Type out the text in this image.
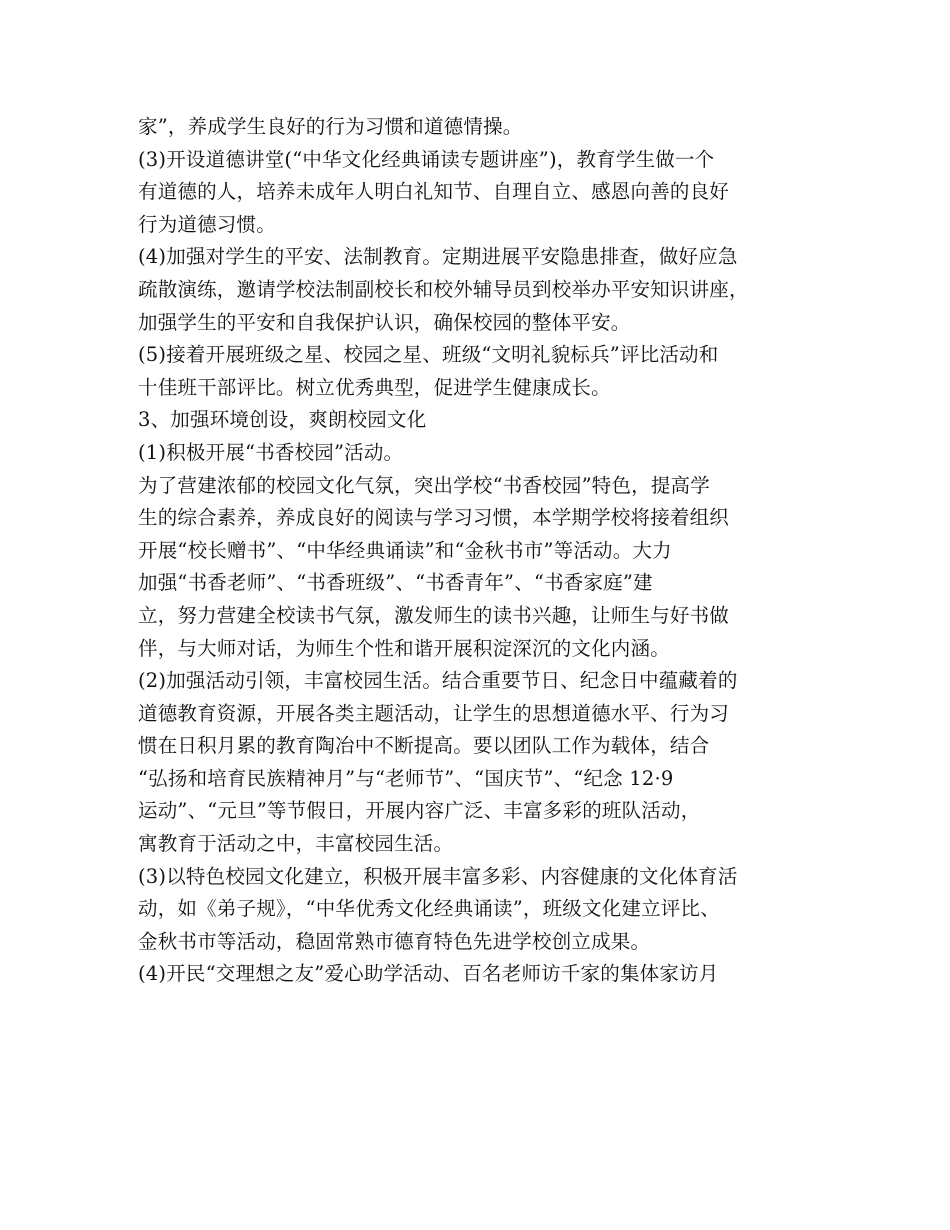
家”，养成学生良好的行为习惯和道德情操。
(3)开设道德讲堂(“中华文化经典诵读专题讲座”)，教育学生做一个
有道德的人，培养未成年人明白礼知节、自理自立、感恩向善的良好
行为道德习惯。
(4)加强对学生的平安、法制教育。定期进展平安隐患排查，做好应急
疏散演练，邀请学校法制副校长和校外辅导员到校举办平安知识讲座，
加强学生的平安和自我保护认识，确保校园的整体平安。
(5)接着开展班级之星、校园之星、班级“文明礼貌标兵”评比活动和
十佳班干部评比。树立优秀典型，促进学生健康成长。
3、加强环境创设，爽朗校园文化
(1)积极开展“书香校园”活动。
为了营建浓郁的校园文化气氛，突出学校“书香校园”特色，提高学
生的综合素养，养成良好的阅读与学习习惯，本学期学校将接着组织
开展“校长赠书”、“中华经典诵读”和“金秋书市”等活动。大力
加强“书香老师”、“书香班级”、“书香青年”、“书香家庭”建
立，努力营建全校读书气氛，激发师生的读书兴趣，让师生与好书做
伴，与大师对话，为师生个性和谐开展积淀深沉的文化内涵。
(2)加强活动引领，丰富校园生活。结合重要节日、纪念日中蕴藏着的
道德教育资源，开展各类主题活动，让学生的思想道德水平、行为习
惯在日积月累的教育陶冶中不断提高。要以团队工作为载体，结合
“弘扬和培育民族精神月”与“老师节”、“国庆节”、“纪念 12·9
运动”、“元旦”等节假日，开展内容广泛、丰富多彩的班队活动，
寓教育于活动之中，丰富校园生活。
(3)以特色校园文化建立，积极开展丰富多彩、内容健康的文化体育活
动，如《弟子规》，“中华优秀文化经典诵读”，班级文化建立评比、
金秋书市等活动，稳固常熟市德育特色先进学校创立成果。
(4)开民“交理想之友”爱心助学活动、百名老师访千家的集体家访月
